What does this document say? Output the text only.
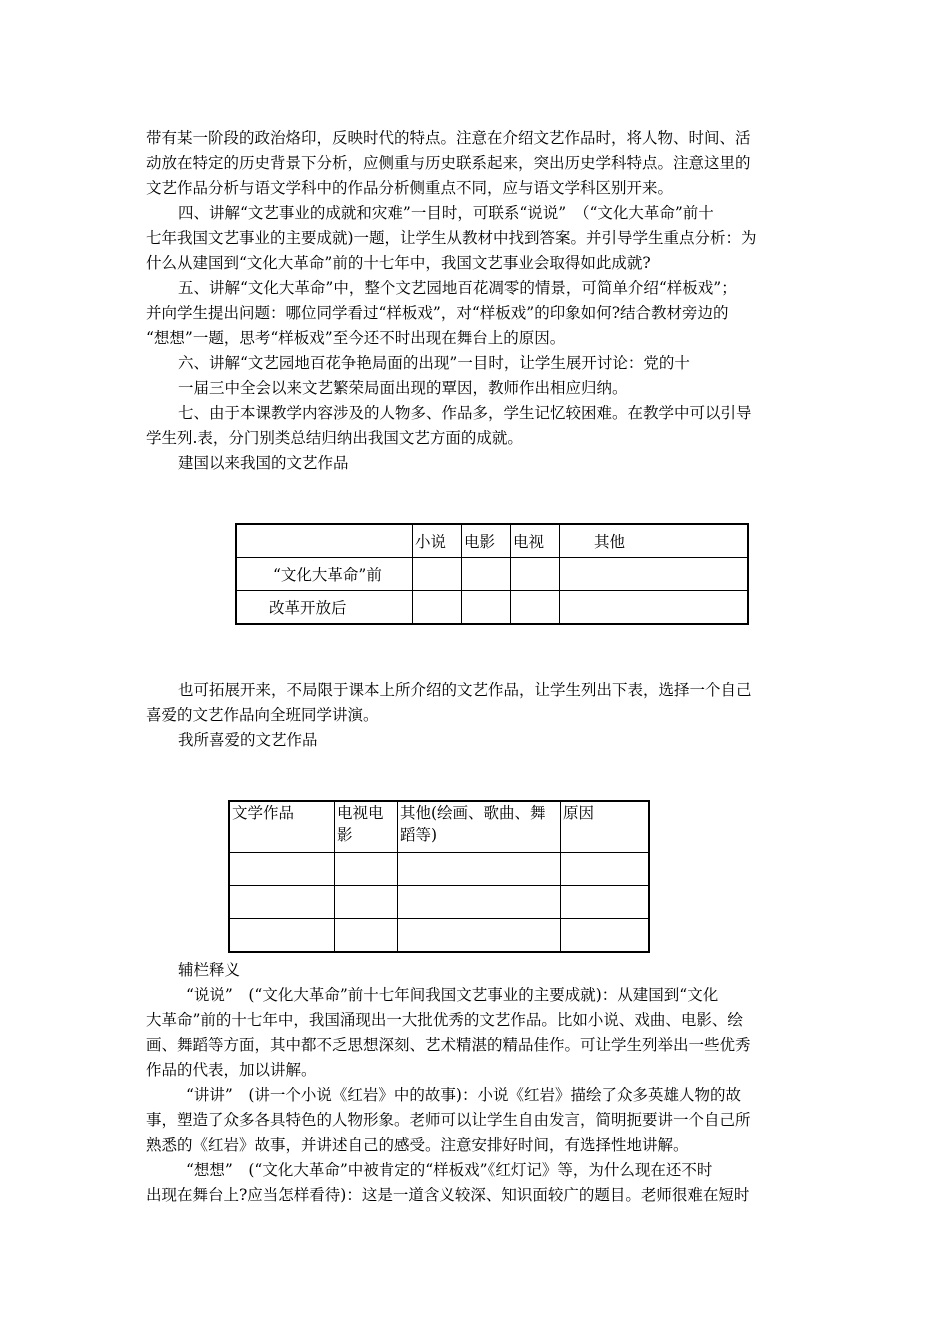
带有某一阶段的政治烙印，反映时代的特点。注意在介绍文艺作品时，将人物、时间、活
动放在特定的历史背景下分析，应侧重与历史联系起来，突出历史学科特点。注意这里的
文艺作品分析与语文学科中的作品分析侧重点不同，应与语文学科区别开来。
四、讲解“文艺事业的成就和灾难”一目时，可联系“说说”　（“文化大革命”前十
七年我国文艺事业的主要成就)一题，让学生从教材中找到答案。并引导学生重点分析：为
什么从建国到“文化大革命”前的十七年中，我国文艺事业会取得如此成就?
五、讲解“文化大革命”中，整个文艺园地百花凋零的情景，可简单介绍“样板戏”；
并向学生提出问题：哪位同学看过“样板戏”，对“样板戏”的印象如何?结合教材旁边的
“想想”一题，思考“样板戏”至今还不时出现在舞台上的原因。
六、讲解“文艺园地百花争艳局面的出现”一目时，让学生展开讨论：党的十
一届三中全会以来文艺繁荣局面出现的覃因，教师作出相应归纳。
七、由于本课教学内容涉及的人物多、作品多，学生记忆较困难。在教学中可以引导
学生列.表，分门别类总结归纳出我国文艺方面的成就。
建国以来我国的文艺作品
	小说	电影	电视	其他
“文化大革命”前				
改革开放后				
也可拓展开来，不局限于课本上所介绍的文艺作品，让学生列出下表，选择一个自己
喜爱的文艺作品向全班同学讲演。
我所喜爱的文艺作品
文学作品	电视电影	其他(绘画、歌曲、舞蹈等)	原因

辅栏释义
“说说”　(“文化大革命”前十七年间我国文艺事业的主要成就)：从建国到“文化
大革命”前的十七年中，我国涌现出一大批优秀的文艺作品。比如小说、戏曲、电影、绘
画、舞蹈等方面，其中都不乏思想深刻、艺术精湛的精品佳作。可让学生列举出一些优秀
作品的代表，加以讲解。
“讲讲”　(讲一个小说《红岩》中的故事)：小说《红岩》描绘了众多英雄人物的故
事，塑造了众多各具特色的人物形象。老师可以让学生自由发言，简明扼要讲一个自己所
熟悉的《红岩》故事，并讲述自己的感受。注意安排好时间，有选择性地讲解。
“想想”　(“文化大革命”中被肯定的“样板戏”《红灯记》等，为什么现在还不时
出现在舞台上?应当怎样看待)：这是一道含义较深、知识面较广的题目。老师很难在短时
